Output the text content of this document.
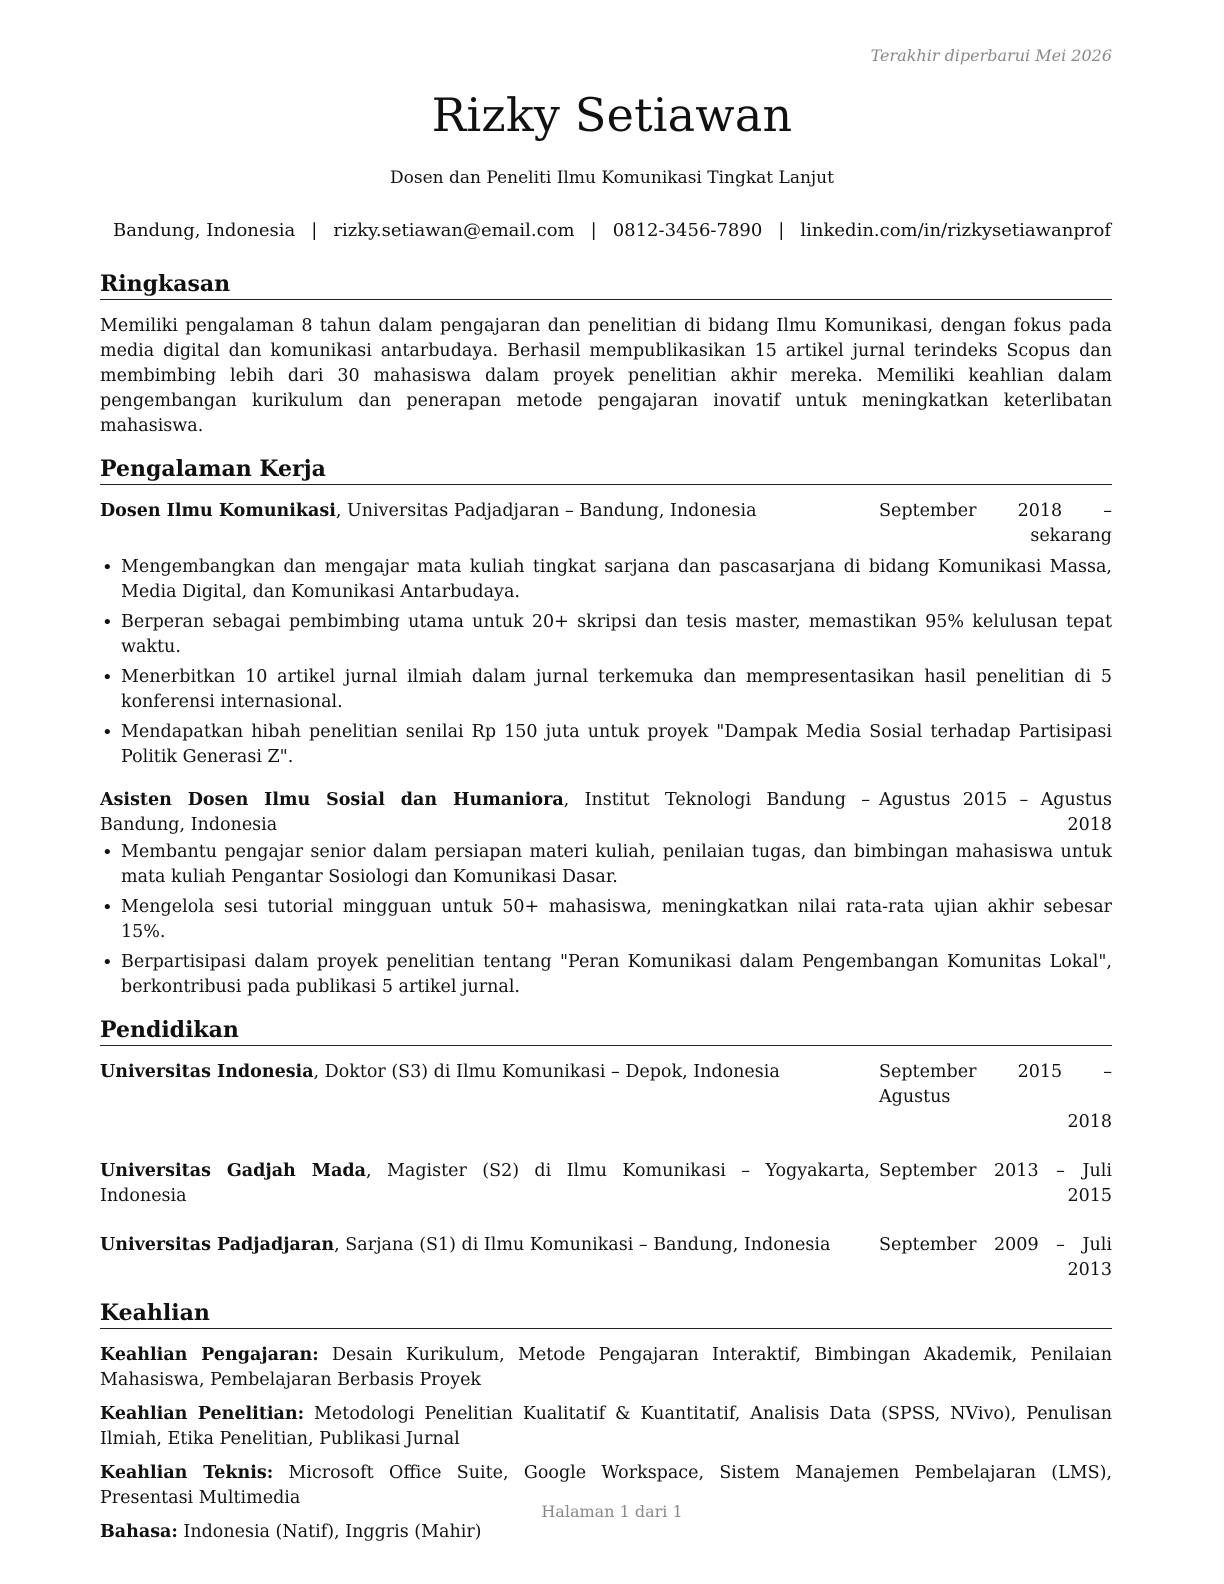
Terakhir diperbarui Mei 2026
Rizky Setiawan
Dosen dan Peneliti Ilmu Komunikasi Tingkat Lanjut
Bandung, Indonesia | rizky.setiawan@email.com | 0812-3456-7890 | linkedin.com/in/rizkysetiawanprof
Ringkasan

Memiliki pengalaman 8 tahun dalam pengajaran dan penelitian di bidang Ilmu Komunikasi, dengan fokus pada media digital dan komunikasi antarbudaya. Berhasil mempublikasikan 15 artikel jurnal terindeks Scopus dan membimbing lebih dari 30 mahasiswa dalam proyek penelitian akhir mereka. Memiliki keahlian dalam pengembangan kurikulum dan penerapan metode pengajaran inovatif untuk meningkatkan keterlibatan mahasiswa.

Pengalaman Kerja
Dosen Ilmu Komunikasi, Universitas Padjadjaran – Bandung, Indonesia	September 2018 –
sekarang
• Mengembangkan dan mengajar mata kuliah tingkat sarjana dan pascasarjana di bidang Komunikasi Massa, Media Digital, dan Komunikasi Antarbudaya.
• Berperan sebagai pembimbing utama untuk 20+ skripsi dan tesis master, memastikan 95% kelulusan tepat waktu.
• Menerbitkan 10 artikel jurnal ilmiah dalam jurnal terkemuka dan mempresentasikan hasil penelitian di 5 konferensi internasional.
• Mendapatkan hibah penelitian senilai Rp 150 juta untuk proyek "Dampak Media Sosial terhadap Partisipasi Politik Generasi Z".
Asisten Dosen Ilmu Sosial dan Humaniora, Institut Teknologi Bandung – Bandung, Indonesia
Agustus 2015 – Agustus
2018
• Membantu pengajar senior dalam persiapan materi kuliah, penilaian tugas, dan bimbingan mahasiswa untuk mata kuliah Pengantar Sosiologi dan Komunikasi Dasar.
• Mengelola sesi tutorial mingguan untuk 50+ mahasiswa, meningkatkan nilai rata-rata ujian akhir sebesar 15%.
• Berpartisipasi dalam proyek penelitian tentang "Peran Komunikasi dalam Pengembangan Komunitas Lokal", berkontribusi pada publikasi 5 artikel jurnal.
Pendidikan
Universitas Indonesia, Doktor (S3) di Ilmu Komunikasi – Depok, Indonesia	September 2015 – Agustus
2018
Universitas Gadjah Mada, Magister (S2) di Ilmu Komunikasi – Yogyakarta, Indonesia
September 2013 – Juli
2015
Universitas Padjadjaran, Sarjana (S1) di Ilmu Komunikasi – Bandung, Indonesia	September 2009 – Juli
2013
Keahlian

Keahlian Pengajaran: Desain Kurikulum, Metode Pengajaran Interaktif, Bimbingan Akademik, Penilaian Mahasiswa, Pembelajaran Berbasis Proyek

Keahlian Penelitian: Metodologi Penelitian Kualitatif & Kuantitatif, Analisis Data (SPSS, NVivo), Penulisan Ilmiah, Etika Penelitian, Publikasi Jurnal

Keahlian Teknis: Microsoft Office Suite, Google Workspace, Sistem Manajemen Pembelajaran (LMS), Presentasi Multimedia

Bahasa: Indonesia (Natif), Inggris (Mahir)

Halaman 1 dari 1
